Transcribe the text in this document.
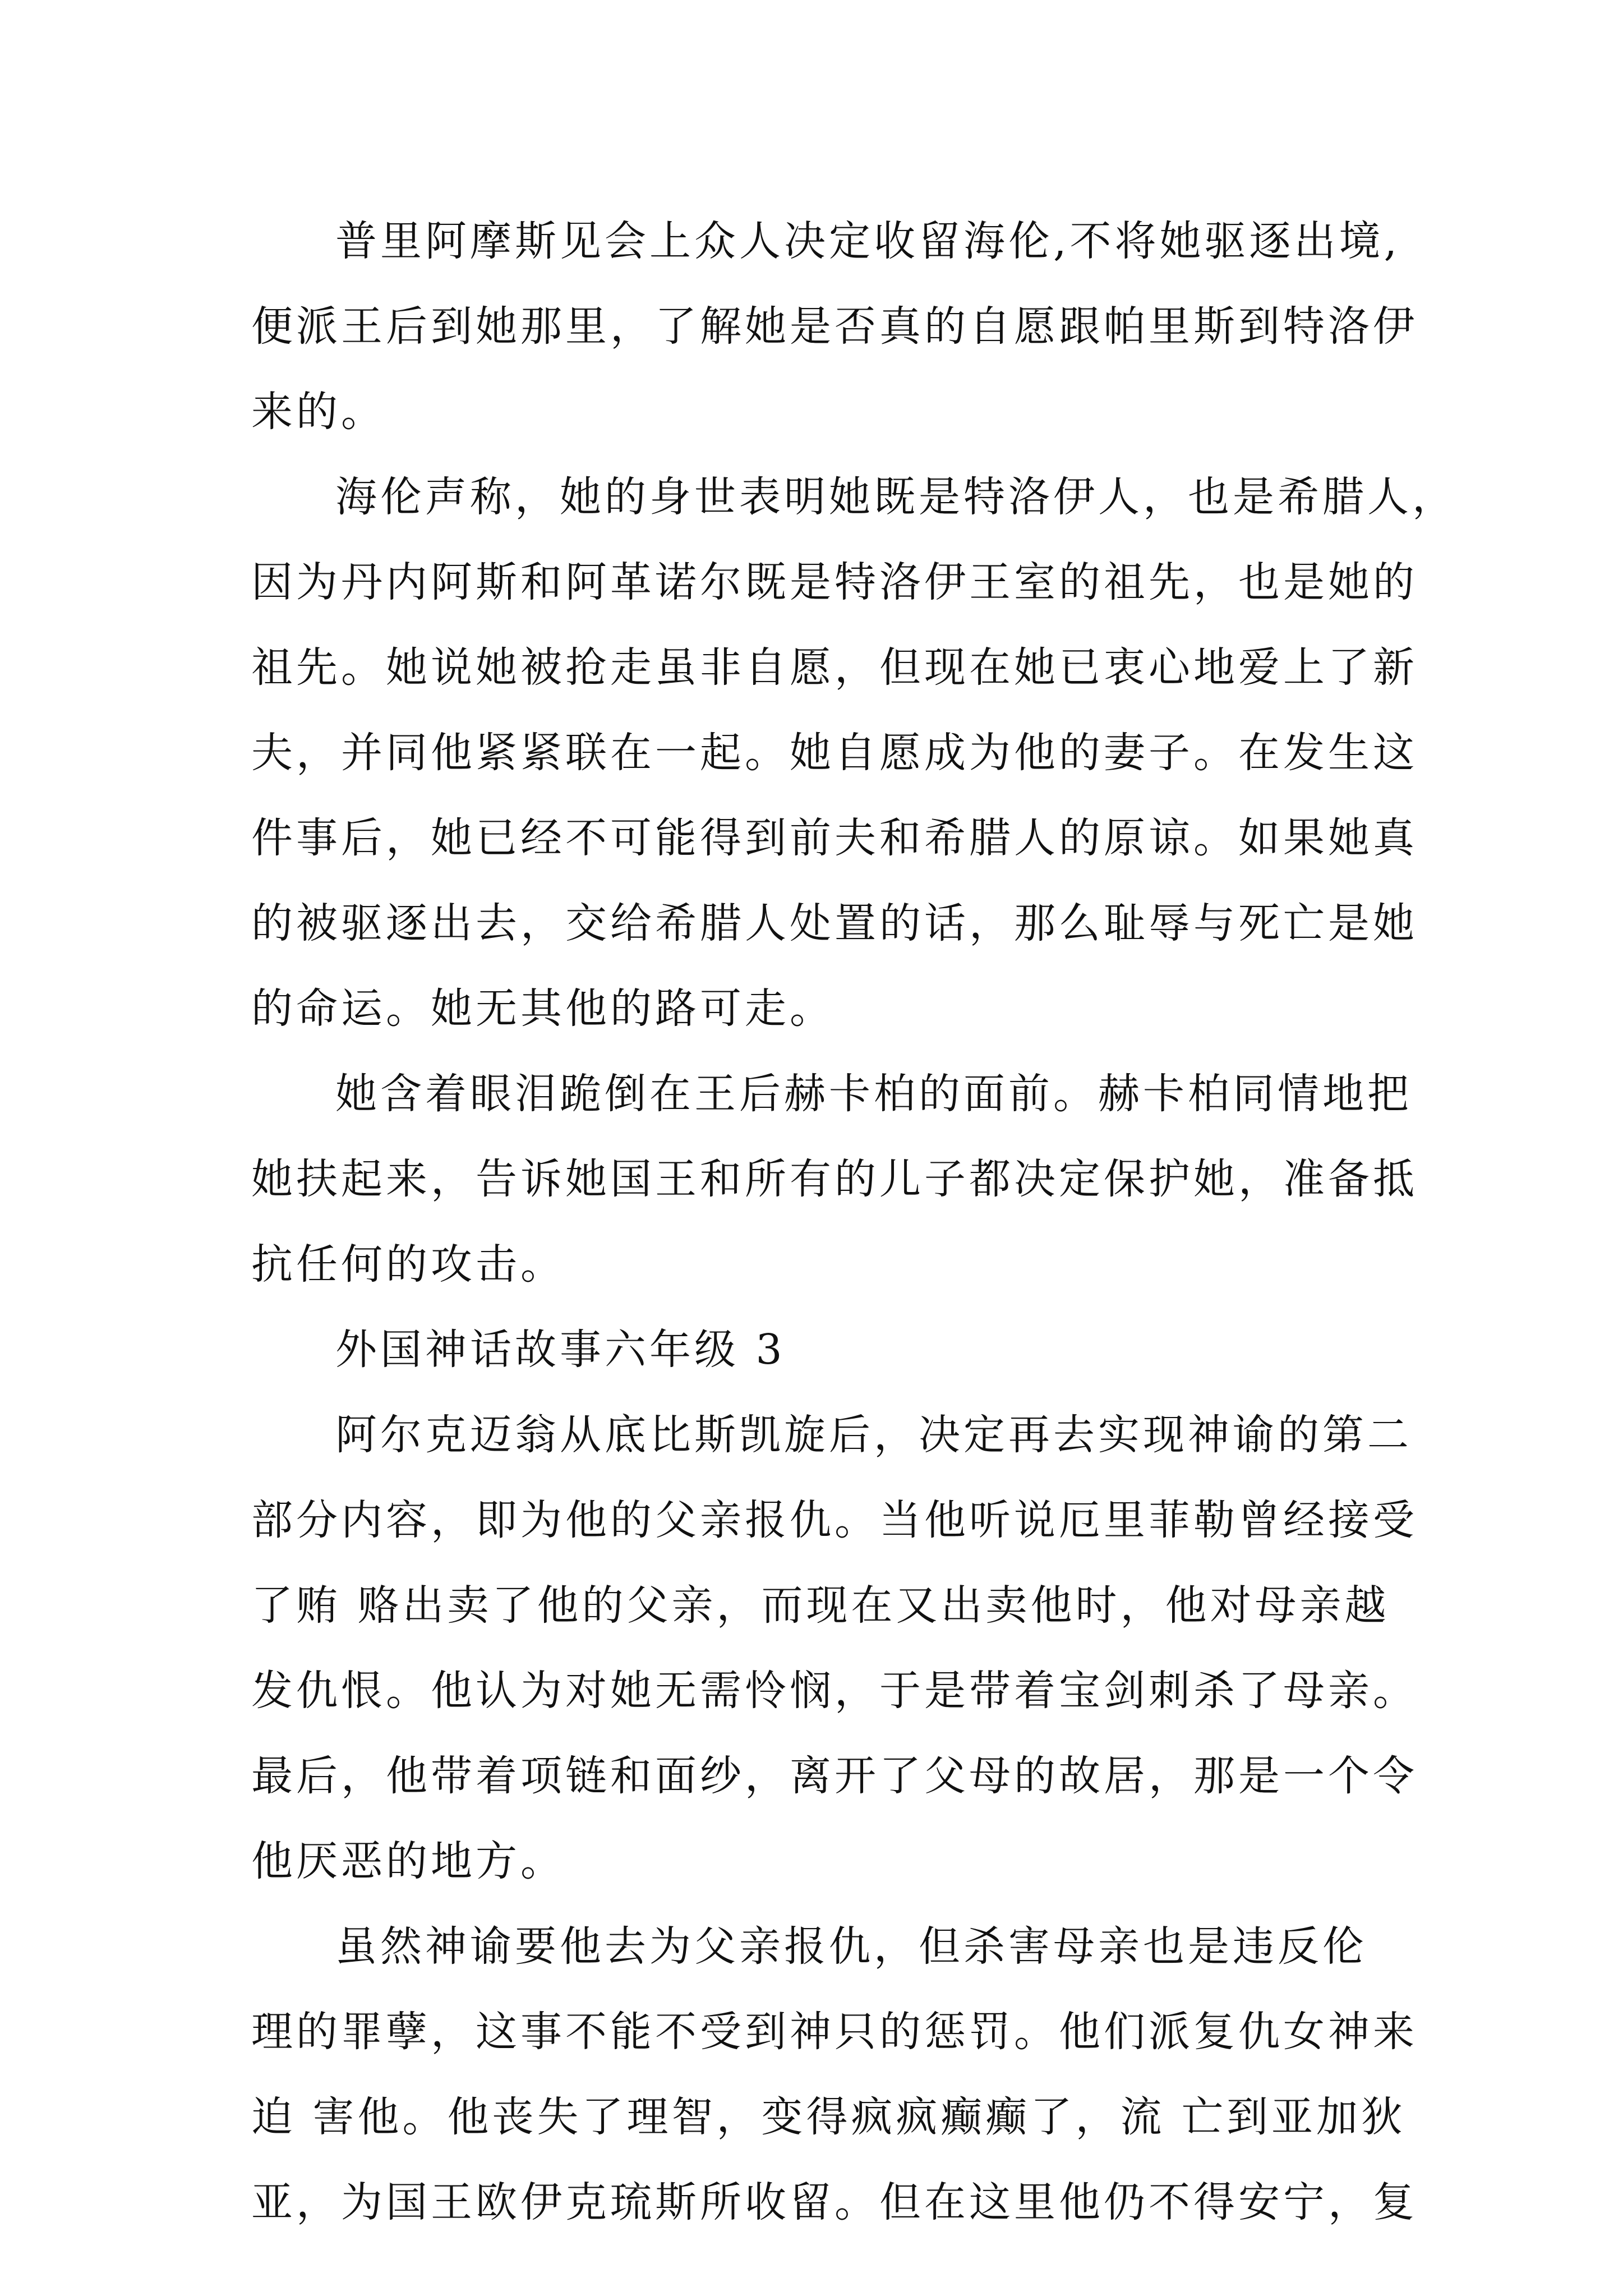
普里阿摩斯见会上众人决定收留海伦,不将她驱逐出境,
便派王后到她那里，了解她是否真的自愿跟帕里斯到特洛伊
来的。
海伦声称，她的身世表明她既是特洛伊人，也是希腊人，
因为丹内阿斯和阿革诺尔既是特洛伊王室的祖先，也是她的
祖先。她说她被抢走虽非自愿，但现在她已衷心地爱上了新
夫，并同他紧紧联在一起。她自愿成为他的妻子。在发生这
件事后，她已经不可能得到前夫和希腊人的原谅。如果她真
的被驱逐出去，交给希腊人处置的话，那么耻辱与死亡是她
的命运。她无其他的路可走。
她含着眼泪跪倒在王后赫卡柏的面前。赫卡柏同情地把
她扶起来，告诉她国王和所有的儿子都决定保护她，准备抵
抗任何的攻击。
外国神话故事六年级 3
阿尔克迈翁从底比斯凯旋后，决定再去实现神谕的第二
部分内容，即为他的父亲报仇。当他听说厄里菲勒曾经接受
了贿 赂出卖了他的父亲，而现在又出卖他时，他对母亲越
发仇恨。他认为对她无需怜悯，于是带着宝剑刺杀了母亲。
最后，他带着项链和面纱，离开了父母的故居，那是一个令
他厌恶的地方。
虽然神谕要他去为父亲报仇，但杀害母亲也是违反伦
理的罪孽，这事不能不受到神只的惩罚。他们派复仇女神来
迫 害他。他丧失了理智，变得疯疯癫癫了，流 亡到亚加狄
亚，为国王欧伊克琉斯所收留。但在这里他仍不得安宁，复
